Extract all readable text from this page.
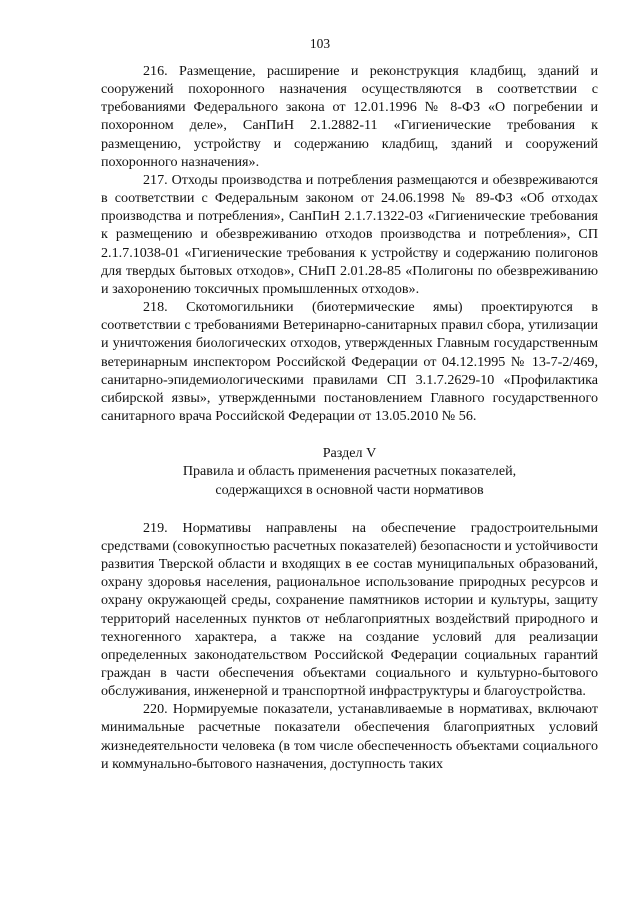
103

216. Размещение, расширение и реконструкция кладбищ, зданий и сооружений похоронного назначения осуществляются в соответствии с требованиями Федерального закона от 12.01.1996 № 8-ФЗ «О погребении и похоронном деле», СанПиН 2.1.2882-11 «Гигиенические требования к размещению, устройству и содержанию кладбищ, зданий и сооружений похоронного назначения».

217. Отходы производства и потребления размещаются и обезвреживаются в соответствии с Федеральным законом от 24.06.1998 № 89-ФЗ «Об отходах производства и потребления», СанПиН 2.1.7.1322-03 «Гигиенические требования к размещению и обезвреживанию отходов производства и потребления», СП 2.1.7.1038-01 «Гигиенические требования к устройству и содержанию полигонов для твердых бытовых отходов», СНиП 2.01.28-85 «Полигоны по обезвреживанию и захоронению токсичных промышленных отходов».

218. Скотомогильники (биотермические ямы) проектируются в соответствии с требованиями Ветеринарно-санитарных правил сбора, утилизации и уничтожения биологических отходов, утвержденных Главным государственным ветеринарным инспектором Российской Федерации от 04.12.1995 № 13-7-2/469, санитарно-эпидемиологическими правилами СП 3.1.7.2629-10 «Профилактика сибирской язвы», утвержденными постановлением Главного государственного санитарного врача Российской Федерации от 13.05.2010 № 56.

Раздел V
Правила и область применения расчетных показателей,
содержащихся в основной части нормативов

219. Нормативы направлены на обеспечение градостроительными средствами (совокупностью расчетных показателей) безопасности и устойчивости развития Тверской области и входящих в ее состав муниципальных образований, охрану здоровья населения, рациональное использование природных ресурсов и охрану окружающей среды, сохранение памятников истории и культуры, защиту территорий населенных пунктов от неблагоприятных воздействий природного и техногенного характера, а также на создание условий для реализации определенных законодательством Российской Федерации социальных гарантий граждан в части обеспечения объектами социального и культурно-бытового обслуживания, инженерной и транспортной инфраструктуры и благоустройства.

220. Нормируемые показатели, устанавливаемые в нормативах, включают минимальные расчетные показатели обеспечения благоприятных условий жизнедеятельности человека (в том числе обеспеченность объектами социального и коммунально-бытового назначения, доступность таких
